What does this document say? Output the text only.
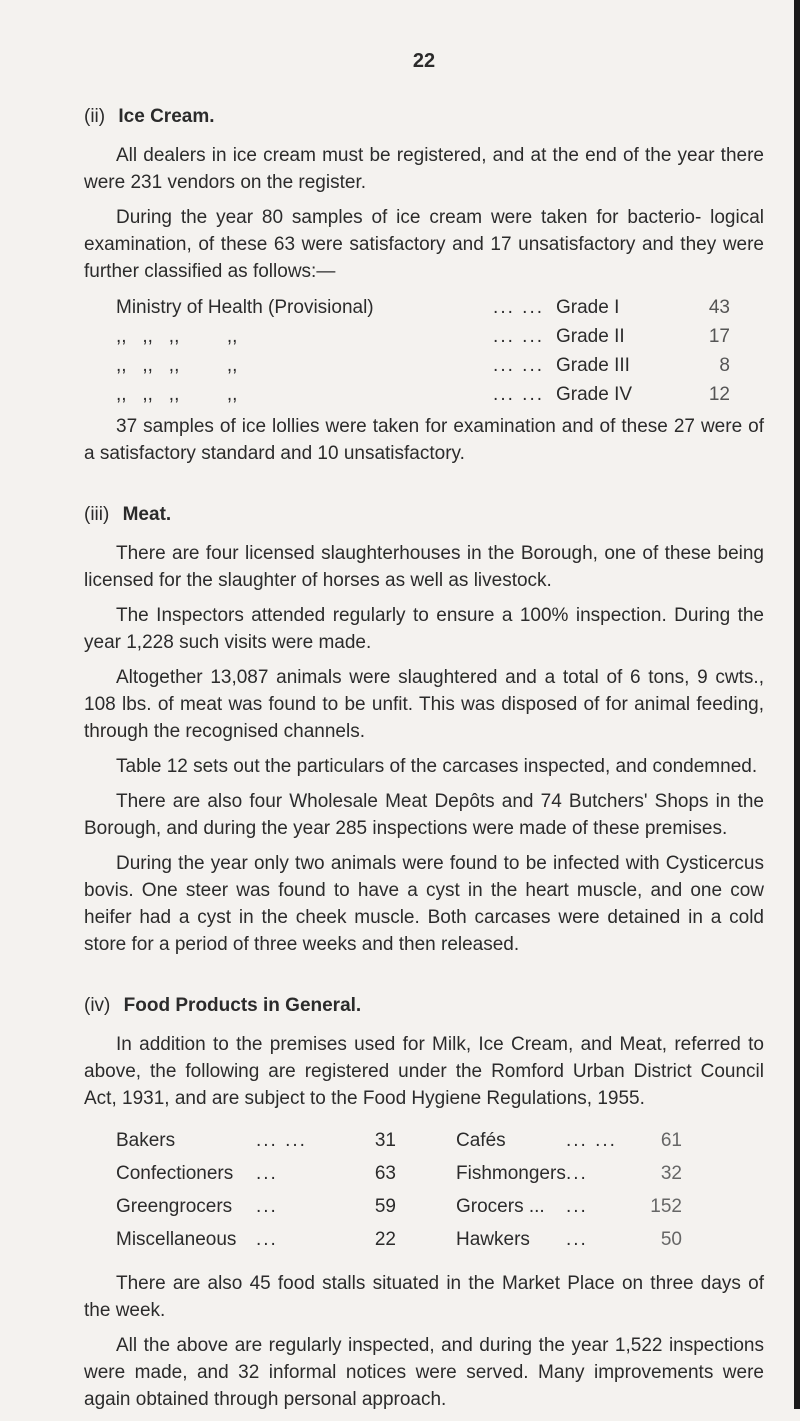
22
(ii) Ice Cream.

All dealers in ice cream must be registered, and at the end of the year there were 231 vendors on the register.

During the year 80 samples of ice cream were taken for bacterio- logical examination, of these 63 were satisfactory and 17 unsatisfactory and they were further classified as follows:—

Ministry of Health (Provisional)	... ... Grade I	43
,,   ,,   ,,         ,,	... ... Grade II	17
,,   ,,   ,,         ,,	... ... Grade III	8
,,   ,,   ,,         ,,	... ... Grade IV	12

37 samples of ice lollies were taken for examination and of these 27 were of a satisfactory standard and 10 unsatisfactory.

(iii) Meat.

There are four licensed slaughterhouses in the Borough, one of these being licensed for the slaughter of horses as well as livestock.

The Inspectors attended regularly to ensure a 100% inspection. During the year 1,228 such visits were made.

Altogether 13,087 animals were slaughtered and a total of 6 tons, 9 cwts., 108 lbs. of meat was found to be unfit. This was disposed of for animal feeding, through the recognised channels.

Table 12 sets out the particulars of the carcases inspected, and condemned.

There are also four Wholesale Meat Depôts and 74 Butchers' Shops in the Borough, and during the year 285 inspections were made of these premises.

During the year only two animals were found to be infected with Cysticercus bovis. One steer was found to have a cyst in the heart muscle, and one cow heifer had a cyst in the cheek muscle. Both carcases were detained in a cold store for a period of three weeks and then released.

(iv) Food Products in General.

In addition to the premises used for Milk, Ice Cream, and Meat, referred to above, the following are registered under the Romford Urban District Council Act, 1931, and are subject to the Food Hygiene Regulations, 1955.

Bakers	... ...	31	Cafés	... ...	61
Confectioners	...	63	Fishmongers ...	32
Greengrocers	...	59	Grocers ...	...	152
Miscellaneous	...	22	Hawkers	...	50

There are also 45 food stalls situated in the Market Place on three days of the week.

All the above are regularly inspected, and during the year 1,522 inspections were made, and 32 informal notices were served. Many improvements were again obtained through personal approach.
